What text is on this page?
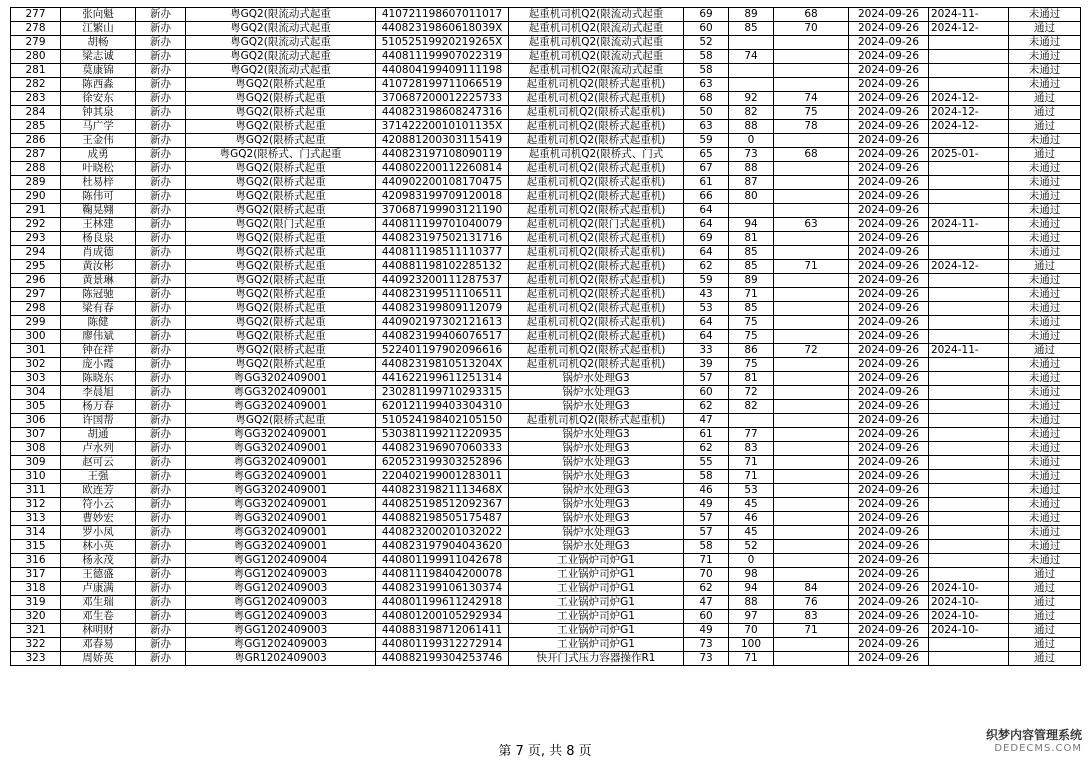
277	张向魁	新办	粤GQ2(限流动式起重	410721198607011017	起重机司机Q2(限流动式起重	69	89	68	2024-09-26	2024-11-	未通过
278	江繁山	新办	粤GQ2(限流动式起重	44082319860618039X	起重机司机Q2(限流动式起重	60	85	70	2024-09-26	2024-12-	通过
279	胡畅	新办	粤GQ2(限流动式起重	51052519920219265X	起重机司机Q2(限流动式起重	52			2024-09-26		未通过
280	梁志诚	新办	粤GQ2(限流动式起重	440811199907022319	起重机司机Q2(限流动式起重	58	74		2024-09-26		未通过
281	莫康锦	新办	粤GQ2(限流动式起重	440804199409111198	起重机司机Q2(限流动式起重	58			2024-09-26		未通过
282	陈西淼	新办	粤GQ2(限桥式起重	410728199711066519	起重机司机Q2(限桥式起重机)	63			2024-09-26		未通过
283	徐安东	新办	粤GQ2(限桥式起重	370687200012225733	起重机司机Q2(限桥式起重机)	68	92	74	2024-09-26	2024-12-	通过
284	钟其泉	新办	粤GQ2(限桥式起重	440823198608247316	起重机司机Q2(限桥式起重机)	50	82	75	2024-09-26	2024-12-	通过
285	马广学	新办	粤GQ2(限桥式起重	37142220010101135X	起重机司机Q2(限桥式起重机)	63	88	78	2024-09-26	2024-12-	通过
286	王金伟	新办	粤GQ2(限桥式起重	420881200303115419	起重机司机Q2(限桥式起重机)	59	0		2024-09-26		未通过
287	成勇	新办	粤GQ2(限桥式、门式起重	440823197108090119	起重机司机Q2(限桥式、门式	65	73	68	2024-09-26	2025-01-	通过
288	叶晓松	新办	粤GQ2(限桥式起重	440802200112260814	起重机司机Q2(限桥式起重机)	67	88		2024-09-26		未通过
289	杜易梓	新办	粤GQ2(限桥式起重	440902200108170475	起重机司机Q2(限桥式起重机)	61	87		2024-09-26		未通过
290	陈伟可	新办	粤GQ2(限桥式起重	420983199709120018	起重机司机Q2(限桥式起重机)	66	80		2024-09-26		未通过
291	鞠晃翙	新办	粤GQ2(限桥式起重	370687199903121190	起重机司机Q2(限桥式起重机)	64			2024-09-26		未通过
292	王林建	新办	粤GQ2(限门式起重	440811199701040079	起重机司机Q2(限门式起重机)	64	94	63	2024-09-26	2024-11-	未通过
293	杨良泉	新办	粤GQ2(限桥式起重	440823197502131716	起重机司机Q2(限桥式起重机)	69	81		2024-09-26		未通过
294	肖成德	新办	粤GQ2(限桥式起重	440811198511110377	起重机司机Q2(限桥式起重机)	64	85		2024-09-26		未通过
295	黄汝彬	新办	粤GQ2(限桥式起重	440881198102285132	起重机司机Q2(限桥式起重机)	62	85	71	2024-09-26	2024-12-	通过
296	黄景琳	新办	粤GQ2(限桥式起重	440923200111287537	起重机司机Q2(限桥式起重机)	59	89		2024-09-26		未通过
297	陈冠驰	新办	粤GQ2(限桥式起重	440823199511106511	起重机司机Q2(限桥式起重机)	43	71		2024-09-26		未通过
298	梁有春	新办	粤GQ2(限桥式起重	440823199809112079	起重机司机Q2(限桥式起重机)	53	85		2024-09-26		未通过
299	陈健	新办	粤GQ2(限桥式起重	440902197302121613	起重机司机Q2(限桥式起重机)	64	75		2024-09-26		未通过
300	廖伟斌	新办	粤GQ2(限桥式起重	440823199406076517	起重机司机Q2(限桥式起重机)	64	75		2024-09-26		未通过
301	钟在祥	新办	粤GQ2(限桥式起重	522401197902096616	起重机司机Q2(限桥式起重机)	33	86	72	2024-09-26	2024-11-	通过
302	庞小霞	新办	粤GQ2(限桥式起重	44082319810513204X	起重机司机Q2(限桥式起重机)	39	75		2024-09-26		未通过
303	陈晓东	新办	粤GG3202409001	441622199611251314	锅炉水处理G3	57	81		2024-09-26		未通过
304	李晨旭	新办	粤GG3202409001	230281199710293315	锅炉水处理G3	60	72		2024-09-26		未通过
305	杨万春	新办	粤GG3202409001	620121199403304310	锅炉水处理G3	62	82		2024-09-26		未通过
306	许国帮	新办	粤GQ2(限桥式起重	510524198402105150	起重机司机Q2(限桥式起重机)	47			2024-09-26		未通过
307	胡通	新办	粤GG3202409001	530381199211220935	锅炉水处理G3	61	77		2024-09-26		未通过
308	卢水列	新办	粤GG3202409001	440823196907060333	锅炉水处理G3	62	83		2024-09-26		未通过
309	赵可云	新办	粤GG3202409001	620523199303252896	锅炉水处理G3	55	71		2024-09-26		未通过
310	王强	新办	粤GG3202409001	220402199001283011	锅炉水处理G3	58	71		2024-09-26		未通过
311	欧连芳	新办	粤GG3202409001	44082319821113468X	锅炉水处理G3	46	53		2024-09-26		未通过
312	符小云	新办	粤GG3202409001	440825198512092367	锅炉水处理G3	49	45		2024-09-26		未通过
313	曹妙宏	新办	粤GG3202409001	440882198505175487	锅炉水处理G3	57	46		2024-09-26		未通过
314	罗小凤	新办	粤GG3202409001	440823200201032022	锅炉水处理G3	57	45		2024-09-26		未通过
315	林小英	新办	粤GG3202409001	440823197904043620	锅炉水处理G3	58	52		2024-09-26		未通过
316	杨永茂	新办	粤GG1202409004	440801199911042678	工业锅炉司炉G1	71	0		2024-09-26		未通过
317	王德盛	新办	粤GG1202409003	440811198404200078	工业锅炉司炉G1	70	98		2024-09-26		通过
318	卢康满	新办	粤GG1202409003	440823199106130374	工业锅炉司炉G1	62	94	84	2024-09-26	2024-10-	通过
319	邓生瑞	新办	粤GG1202409003	440801199611242918	工业锅炉司炉G1	47	88	76	2024-09-26	2024-10-	通过
320	邓生卷	新办	粤GG1202409003	440801200105292934	工业锅炉司炉G1	60	97	83	2024-09-26	2024-10-	通过
321	林明财	新办	粤GG1202409003	440883198712061411	工业锅炉司炉G1	49	70	71	2024-09-26	2024-10-	通过
322	邓春易	新办	粤GG1202409003	440801199312272914	工业锅炉司炉G1	73	100		2024-09-26		通过
323	周娇英	新办	粤GR1202409003	440882199304253746	快开门式压力容器操作R1	73	71		2024-09-26		通过
第 7 页, 共 8 页
织梦内容管理系统
DEDECMS.COM
